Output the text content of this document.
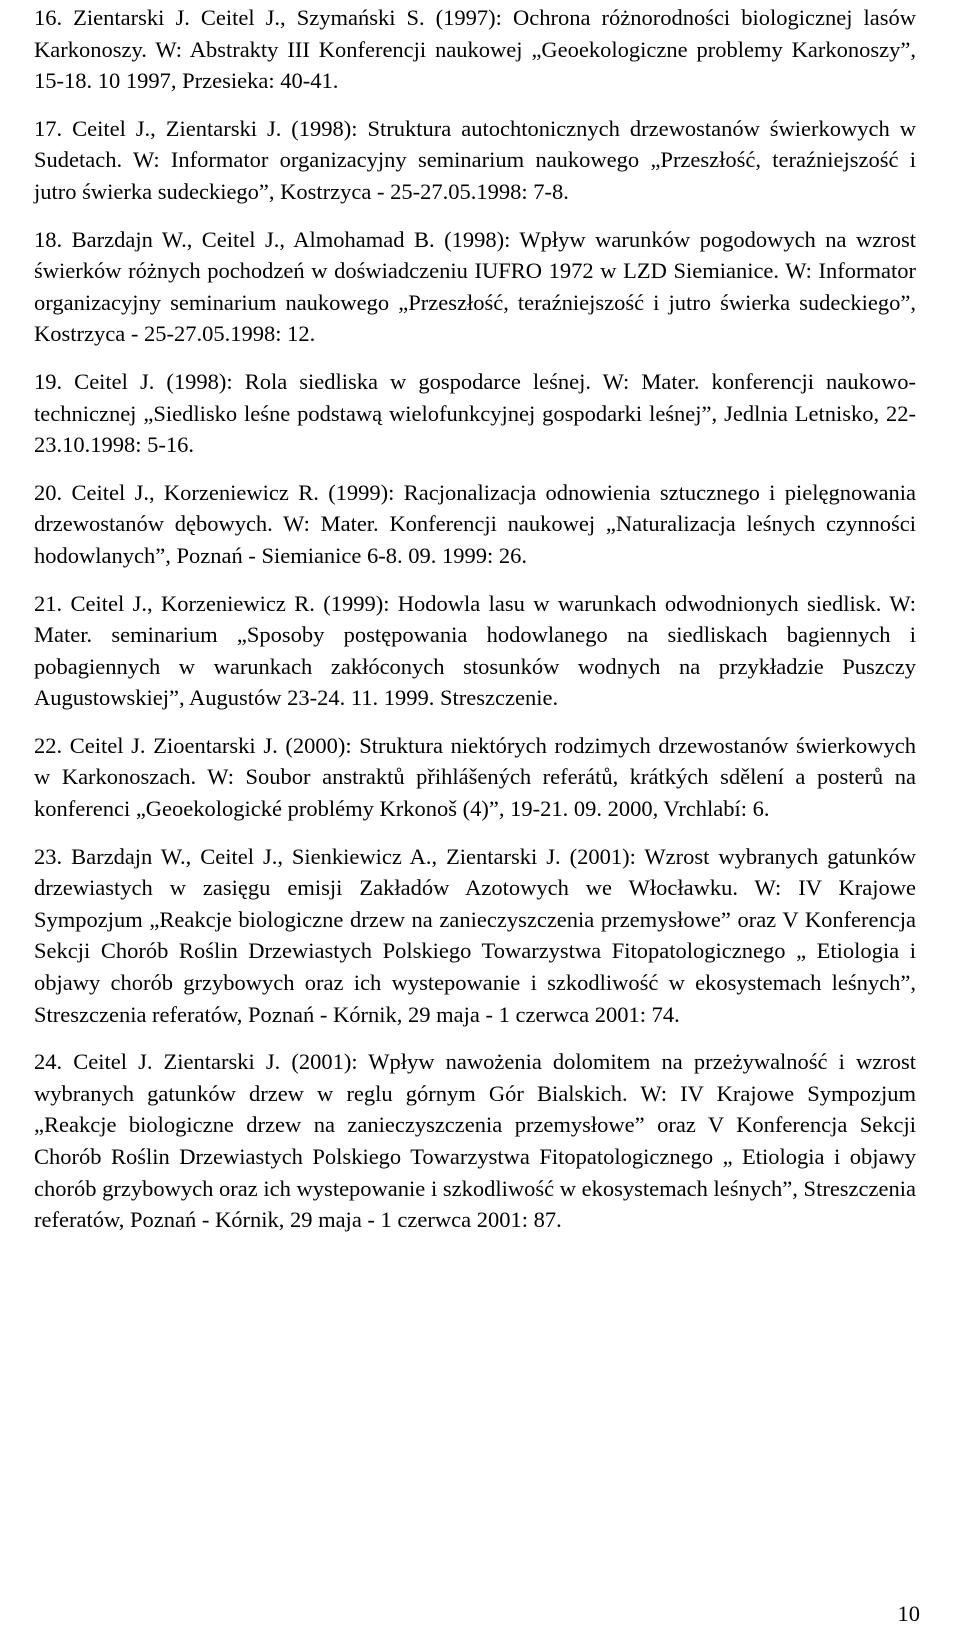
16. Zientarski J. Ceitel J., Szymański S. (1997): Ochrona różnorodności biologicznej lasów Karkonoszy. W: Abstrakty III Konferencji naukowej „Geoekologiczne problemy Karkonoszy”, 15-18. 10 1997, Przesieka: 40-41.

17. Ceitel J., Zientarski J. (1998): Struktura autochtonicznych drzewostanów świerkowych w Sudetach. W: Informator organizacyjny seminarium naukowego „Przeszłość, teraźniejszość i jutro świerka sudeckiego”, Kostrzyca - 25-27.05.1998: 7-8.

18. Barzdajn W., Ceitel J., Almohamad B. (1998): Wpływ warunków pogodowych na wzrost świerków różnych pochodzeń w doświadczeniu IUFRO 1972 w LZD Siemianice. W: Informator organizacyjny seminarium naukowego „Przeszłość, teraźniejszość i jutro świerka sudeckiego”, Kostrzyca - 25-27.05.1998: 12.

19. Ceitel J. (1998): Rola siedliska w gospodarce leśnej. W: Mater. konferencji naukowo-technicznej „Siedlisko leśne podstawą wielofunkcyjnej gospodarki leśnej”, Jedlnia Letnisko, 22-23.10.1998: 5-16.

20. Ceitel J., Korzeniewicz R. (1999): Racjonalizacja odnowienia sztucznego i pielęgnowania drzewostanów dębowych. W: Mater. Konferencji naukowej „Naturalizacja leśnych czynności hodowlanych”, Poznań - Siemianice 6-8. 09. 1999: 26.

21. Ceitel J., Korzeniewicz R. (1999): Hodowla lasu w warunkach odwodnionych siedlisk. W: Mater. seminarium „Sposoby postępowania hodowlanego na siedliskach bagiennych i pobagiennych w warunkach zakłóconych stosunków wodnych na przykładzie Puszczy Augustowskiej”, Augustów 23-24. 11. 1999. Streszczenie.

22. Ceitel J. Zioentarski J. (2000): Struktura niektórych rodzimych drzewostanów świerkowych w Karkonoszach. W: Soubor anstraktů přihlášených referátů, krátkých sdělení a posterů na konferenci „Geoekologické problémy Krkonoš (4)”, 19-21. 09. 2000, Vrchlabí: 6.

23. Barzdajn W., Ceitel J., Sienkiewicz A., Zientarski J. (2001): Wzrost wybranych gatunków drzewiastych w zasięgu emisji Zakładów Azotowych we Włocławku. W: IV Krajowe Sympozjum „Reakcje biologiczne drzew na zanieczyszczenia przemysłowe” oraz V Konferencja Sekcji Chorób Roślin Drzewiastych Polskiego Towarzystwa Fitopatologicznego „ Etiologia i objawy chorób grzybowych oraz ich wystepowanie i szkodliwość w ekosystemach leśnych”, Streszczenia referatów, Poznań - Kórnik, 29 maja - 1 czerwca 2001: 74.

24. Ceitel J. Zientarski J. (2001): Wpływ nawożenia dolomitem na przeżywalność i wzrost wybranych gatunków drzew w reglu górnym Gór Bialskich. W: IV Krajowe Sympozjum „Reakcje biologiczne drzew na zanieczyszczenia przemysłowe” oraz V Konferencja Sekcji Chorób Roślin Drzewiastych Polskiego Towarzystwa Fitopatologicznego „ Etiologia i objawy chorób grzybowych oraz ich wystepowanie i szkodliwość w ekosystemach leśnych”, Streszczenia referatów, Poznań - Kórnik, 29 maja - 1 czerwca 2001: 87.

10
